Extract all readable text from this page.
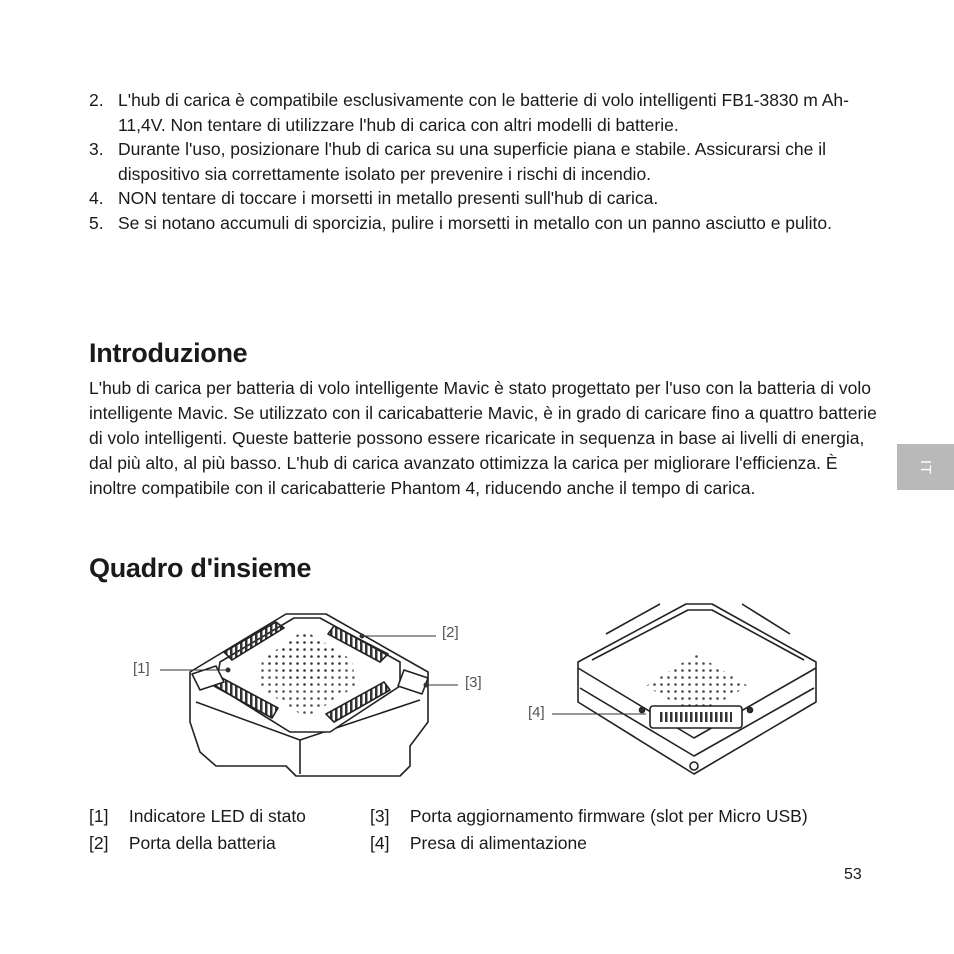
2. L'hub di carica è compatibile esclusivamente con le batterie di volo intelligenti FB1-3830 m Ah-11,4V. Non tentare di utilizzare l'hub di carica con altri modelli di batterie.
3. Durante l'uso, posizionare l'hub di carica su una superficie piana e stabile. Assicurarsi che il dispositivo sia correttamente isolato per prevenire i rischi di incendio.
4. NON tentare di toccare i morsetti in metallo presenti sull'hub di carica.
5. Se si notano accumuli di sporcizia, pulire i morsetti in metallo con un panno asciutto e pulito.
Introduzione

L'hub di carica per batteria di volo intelligente Mavic è stato progettato per l'uso con la batteria di volo intelligente Mavic. Se utilizzato con il caricabatterie Mavic, è in grado di caricare fino a quattro batterie di volo intelligenti. Queste batterie possono essere ricaricate in sequenza in base ai livelli di energia, dal più alto, al più basso. L'hub di carica avanzato ottimizza la carica per migliorare l'efficienza. È inoltre compatibile con il caricabatterie Phantom 4, riducendo anche il tempo di carica.

IT
Quadro d'insieme
[1]
[2]
[3]
[4]
[1] Indicatore LED di stato	[3] Porta aggiornamento firmware (slot per Micro USB)
[2] Porta della batteria	[4] Presa di alimentazione
53
